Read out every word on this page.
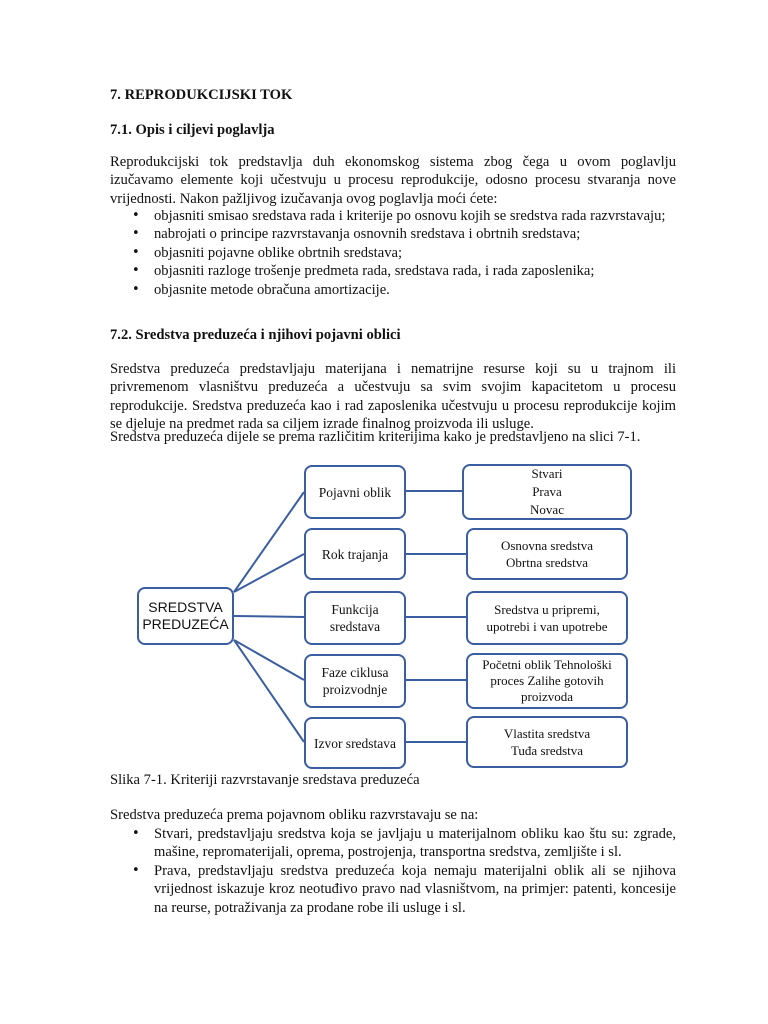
7. REPRODUKCIJSKI TOK
7.1. Opis i ciljevi poglavlja

Reprodukcijski tok predstavlja duh ekonomskog sistema zbog čega u ovom poglavlju izučavamo elemente koji učestvuju u procesu reprodukcije, odosno procesu stvaranja nove vrijednosti. Nakon pažljivog izučavanja ovog poglavlja moći ćete:

• objasniti smisao sredstava rada i kriterije po osnovu kojih se sredstva rada razvrstavaju;
• nabrojati o principe razvrstavanja osnovnih sredstava i obrtnih sredstava;
• objasniti pojavne oblike obrtnih sredstava;
• objasniti razloge trošenje predmeta rada, sredstava rada, i rada zaposlenika;
• objasnite metode obračuna amortizacije.
7.2. Sredstva preduzeća i njihovi pojavni oblici

Sredstva preduzeća predstavljaju materijana i nematrijne resurse koji su u trajnom ili privremenom vlasništvu preduzeća a učestvuju sa svim svojim kapacitetom u procesu reprodukcije. Sredstva preduzeća kao i rad zaposlenika učestvuju u procesu reprodukcije kojim se djeluje na predmet rada sa ciljem izrade finalnog proizvoda ili usluge.

Sredstva preduzeća dijele se prema različitim kriterijima kako je predstavljeno na slici 7-1.

SREDSTVA
PREDUZEĆA
Pojavni oblik
Rok trajanja
Funkcija
sredstava
Faze ciklusa
proizvodnje
Izvor sredstava
Stvari
Prava
Novac
Osnovna sredstva
Obrtna sredstva
Sredstva u pripremi,
upotrebi i van upotrebe
Početni oblik Tehnološki
proces Zalihe gotovih
proizvoda
Vlastita sredstva
Tuđa sredstva

Slika 7-1. Kriteriji razvrstavanje sredstava preduzeća

Sredstva preduzeća prema pojavnom obliku razvrstavaju se na:

• Stvari, predstavljaju sredstva koja se javljaju u materijalnom obliku kao štu su: zgrade, mašine, repromaterijali, oprema, postrojenja, transportna sredstva, zemljište i sl.
• Prava, predstavljaju sredstva preduzeća koja nemaju materijalni oblik ali se njihova vrijednost iskazuje kroz neotuđivo pravo nad vlasništvom, na primjer: patenti, koncesije na reurse, potraživanja za prodane robe ili usluge i sl.
